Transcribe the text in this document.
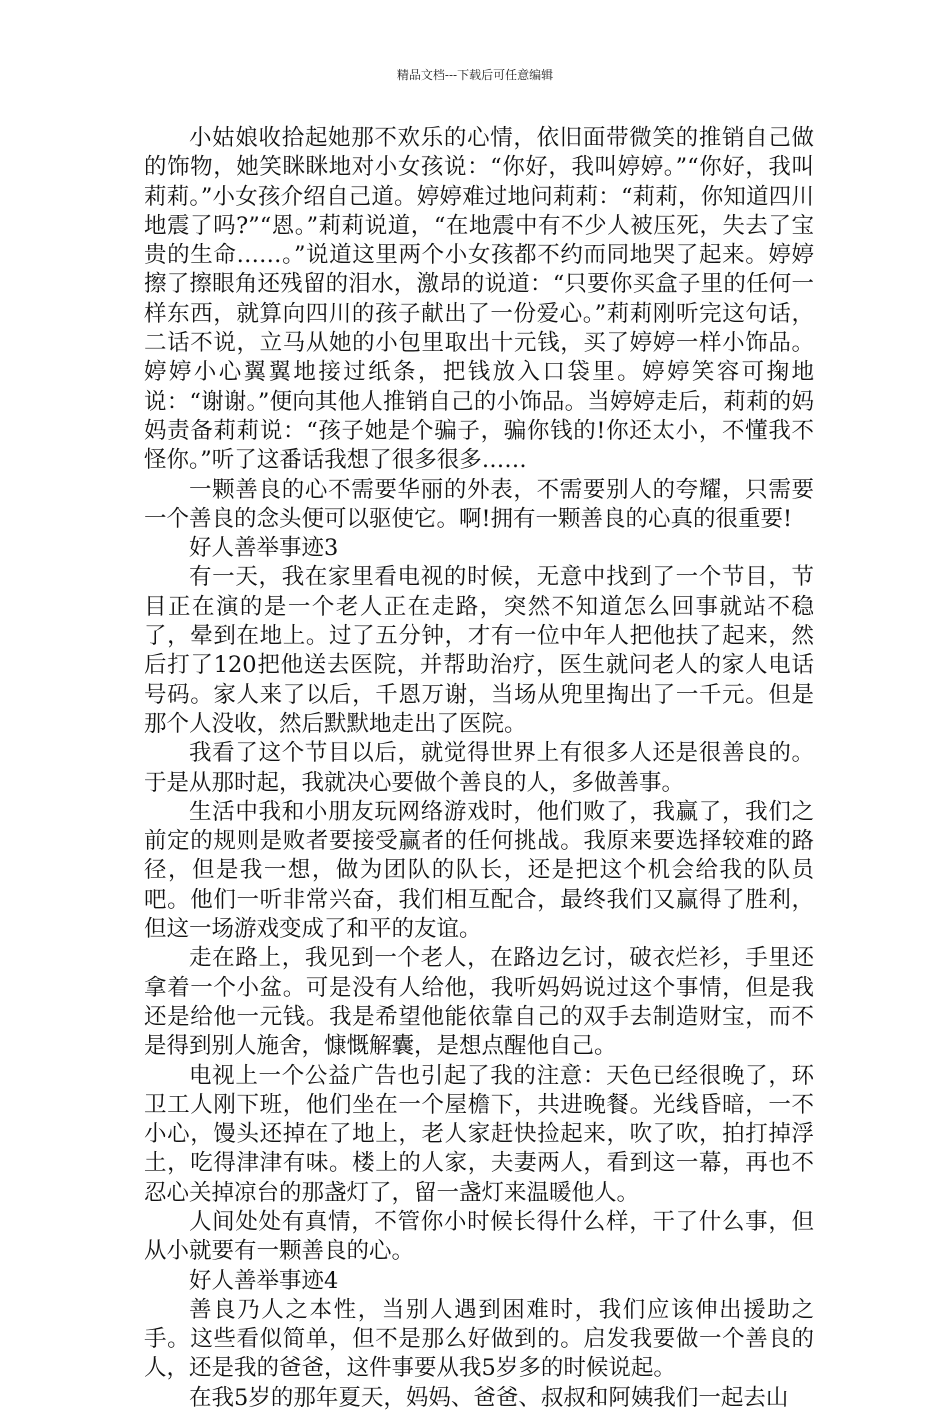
精品文档---下载后可任意编辑

小姑娘收拾起她那不欢乐的心情，依旧面带微笑的推销自己做的饰物，她笑眯眯地对小女孩说：“你好，我叫婷婷。”“你好，我叫莉莉。”小女孩介绍自己道。婷婷难过地问莉莉：“莉莉，你知道四川地震了吗?”“恩。”莉莉说道，“在地震中有不少人被压死，失去了宝贵的生命……。”说道这里两个小女孩都不约而同地哭了起来。婷婷擦了擦眼角还残留的泪水，激昂的说道：“只要你买盒子里的任何一样东西，就算向四川的孩子献出了一份爱心。”莉莉刚听完这句话，二话不说，立马从她的小包里取出十元钱，买了婷婷一样小饰品。婷婷小心翼翼地接过纸条，把钱放入口袋里。婷婷笑容可掬地说：“谢谢。”便向其他人推销自己的小饰品。当婷婷走后，莉莉的妈妈责备莉莉说：“孩子她是个骗子，骗你钱的!你还太小，不懂我不怪你。”听了这番话我想了很多很多……

一颗善良的心不需要华丽的外表，不需要别人的夸耀，只需要一个善良的念头便可以驱使它。啊!拥有一颗善良的心真的很重要!

好人善举事迹3

有一天，我在家里看电视的时候，无意中找到了一个节目，节目正在演的是一个老人正在走路，突然不知道怎么回事就站不稳了，晕到在地上。过了五分钟，才有一位中年人把他扶了起来，然后打了120把他送去医院，并帮助治疗，医生就问老人的家人电话号码。家人来了以后，千恩万谢，当场从兜里掏出了一千元。但是那个人没收，然后默默地走出了医院。

我看了这个节目以后，就觉得世界上有很多人还是很善良的。于是从那时起，我就决心要做个善良的人，多做善事。

生活中我和小朋友玩网络游戏时，他们败了，我赢了，我们之前定的规则是败者要接受赢者的任何挑战。我原来要选择较难的路径，但是我一想，做为团队的队长，还是把这个机会给我的队员吧。他们一听非常兴奋，我们相互配合，最终我们又赢得了胜利，但这一场游戏变成了和平的友谊。

走在路上，我见到一个老人，在路边乞讨，破衣烂衫，手里还拿着一个小盆。可是没有人给他，我听妈妈说过这个事情，但是我还是给他一元钱。我是希望他能依靠自己的双手去制造财宝，而不是得到别人施舍，慷慨解囊，是想点醒他自己。

电视上一个公益广告也引起了我的注意：天色已经很晚了，环卫工人刚下班，他们坐在一个屋檐下，共进晚餐。光线昏暗，一不小心，馒头还掉在了地上，老人家赶快捡起来，吹了吹，拍打掉浮土，吃得津津有味。楼上的人家，夫妻两人，看到这一幕，再也不忍心关掉凉台的那盏灯了，留一盏灯来温暖他人。

人间处处有真情，不管你小时候长得什么样，干了什么事，但从小就要有一颗善良的心。

好人善举事迹4

善良乃人之本性，当别人遇到困难时，我们应该伸出援助之手。这些看似简单，但不是那么好做到的。启发我要做一个善良的人，还是我的爸爸，这件事要从我5岁多的时候说起。

在我5岁的那年夏天，妈妈、爸爸、叔叔和阿姨我们一起去山
